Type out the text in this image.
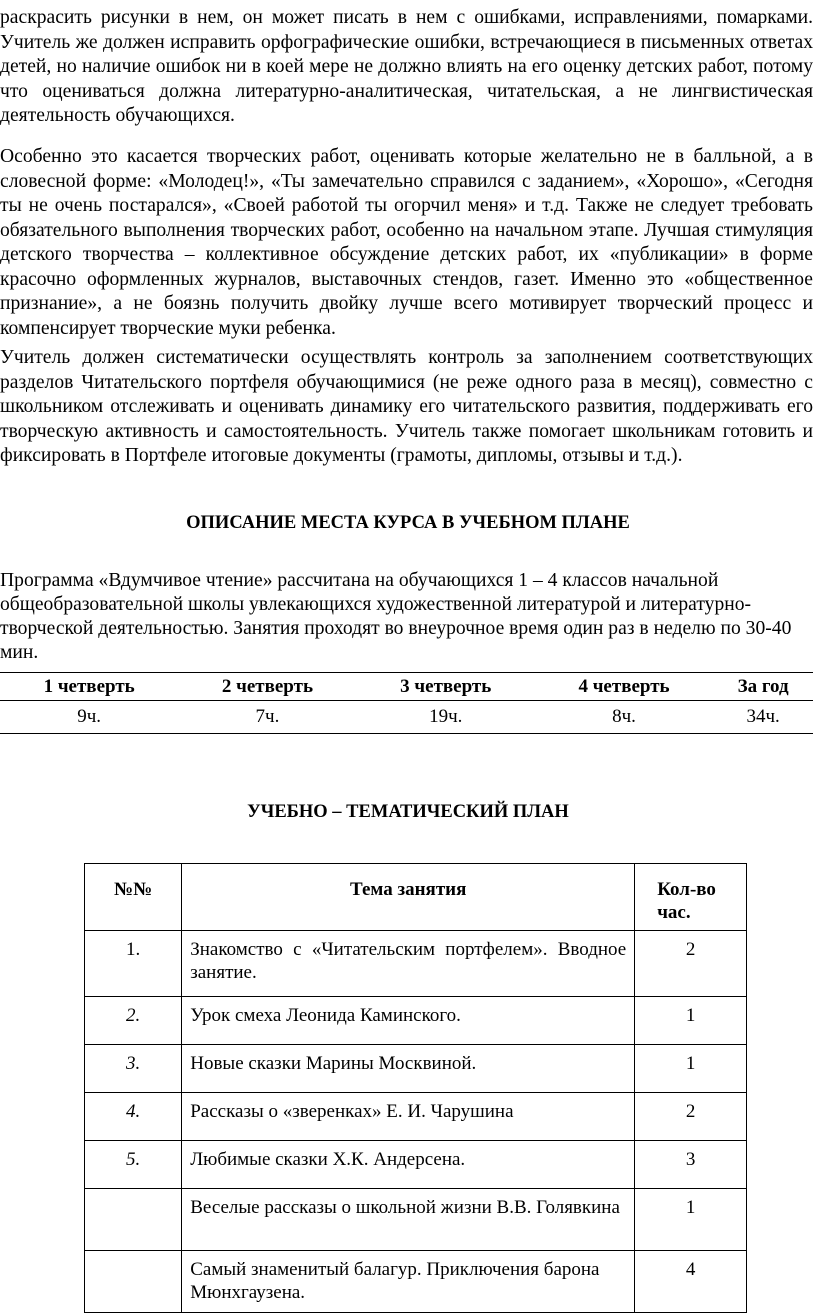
раскрасить рисунки в нем, он может писать в нем с ошибками, исправлениями, помарками. Учитель же должен исправить орфографические ошибки, встречающиеся в письменных ответах детей, но наличие ошибок ни в коей мере не должно влиять на его оценку детских работ, потому что оцениваться должна литературно-аналитическая, читательская, а не лингвистическая деятельность обучающихся.

Особенно это касается творческих работ, оценивать которые желательно не в балльной, а в словесной форме: «Молодец!», «Ты замечательно справился с заданием», «Хорошо», «Сегодня ты не очень постарался», «Своей работой ты огорчил меня» и т.д. Также не следует требовать обязательного выполнения творческих работ, особенно на начальном этапе. Лучшая стимуляция детского творчества – коллективное обсуждение детских работ, их «публикации» в форме красочно оформленных журналов, выставочных стендов, газет. Именно это «общественное признание», а не боязнь получить двойку лучше всего мотивирует творческий процесс и компенсирует творческие муки ребенка.

Учитель должен систематически осуществлять контроль за заполнением соответствующих разделов Читательского портфеля обучающимися (не реже одного раза в месяц), совместно с школьником отслеживать и оценивать динамику его читательского развития, поддерживать его творческую активность и самостоятельность. Учитель также помогает школьникам готовить и фиксировать в Портфеле итоговые документы (грамоты, дипломы, отзывы и т.д.).

ОПИСАНИЕ МЕСТА КУРСА В УЧЕБНОМ ПЛАНЕ

Программа «Вдумчивое чтение» рассчитана на обучающихся 1 – 4 классов начальной общеобразовательной школы увлекающихся художественной литературой и литературно-творческой деятельностью. Занятия проходят во внеурочное время один раз в неделю по 30-40 мин.

1 четверть	2 четверть	3 четверть	4 четверть	За год
9ч.	7ч.	19ч.	8ч.	34ч.

УЧЕБНО – ТЕМАТИЧЕСКИЙ ПЛАН

№№	Тема занятия	Кол-во час.
1.	Знакомство с «Читательским портфелем». Вводное занятие.	2
2.	Урок смеха Леонида Каминского.	1
3.	Новые сказки Марины Москвиной.	1
4.	Рассказы о «зверенках» Е. И. Чарушина	2
5.	Любимые сказки Х.К. Андерсена.	3
	Веселые рассказы о школьной жизни В.В. Голявкина	1
	Самый знаменитый балагур. Приключения барона Мюнхгаузена.	4
